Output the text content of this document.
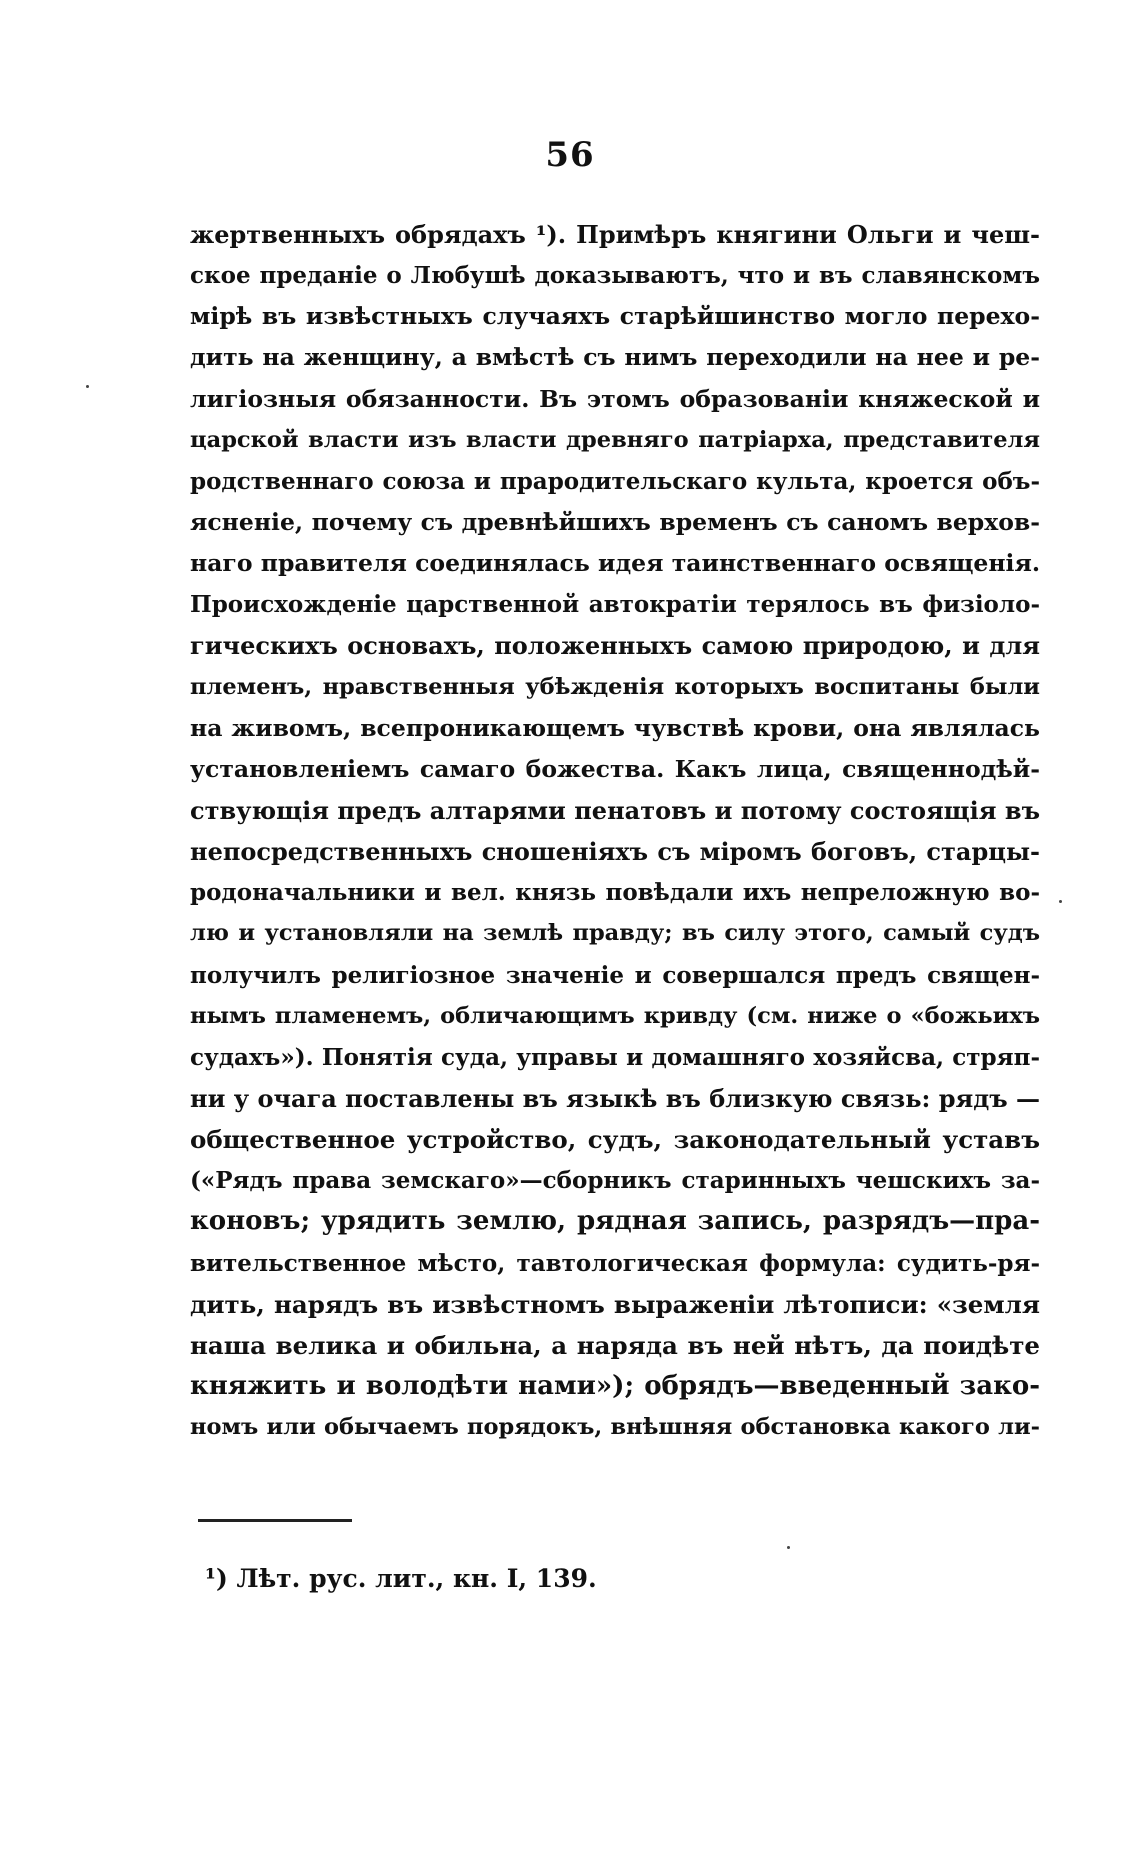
56
жертвенныхъ обрядахъ ¹). Примѣръ княгини Ольги и чеш-
ское преданіе о Любушѣ доказываютъ, что и въ славянскомъ
мірѣ въ извѣстныхъ случаяхъ старѣйшинство могло перехо-
дить на женщину, а вмѣстѣ съ нимъ переходили на нее и ре-
лигіозныя обязанности. Въ этомъ образованіи княжеской и
царской власти изъ власти древняго патріарха, представителя
родственнаго союза и прародительскаго культа, кроется объ-
ясненіе, почему съ древнѣйшихъ временъ съ саномъ верхов-
наго правителя соединялась идея таинственнаго освященія.
Происхожденіе царственной автократіи терялось въ физіоло-
гическихъ основахъ, положенныхъ самою природою, и для
племенъ, нравственныя убѣжденія которыхъ воспитаны были
на живомъ, всепроникающемъ чувствѣ крови, она являлась
установленіемъ самаго божества. Какъ лица, священнодѣй-
ствующія предъ алтарями пенатовъ и потому состоящія въ
непосредственныхъ сношеніяхъ съ міромъ боговъ, старцы-
родоначальники и вел. князь повѣдали ихъ непреложную во-
лю и установляли на землѣ правду; въ силу этого, самый судъ
получилъ религіозное значеніе и совершался предъ священ-
нымъ пламенемъ, обличающимъ кривду (см. ниже о «божьихъ
судахъ»). Понятія суда, управы и домашняго хозяйсва, стряп-
ни у очага поставлены въ языкѣ въ близкую связь: рядъ —
общественное устройство, судъ, законодательный уставъ
(«Рядъ права земскаго»—сборникъ старинныхъ чешскихъ за-
коновъ; урядить землю, рядная запись, разрядъ—пра-
вительственное мѣсто, тавтологическая формула: судить-ря-
дить, нарядъ въ извѣстномъ выраженіи лѣтописи: «земля
наша велика и обильна, а наряда въ ней нѣтъ, да поидѣте
княжить и володѣти нами»); обрядъ—введенный зако-
номъ или обычаемъ порядокъ, внѣшняя обстановка какого ли-
¹) Лѣт. рус. лит., кн. I, 139.
